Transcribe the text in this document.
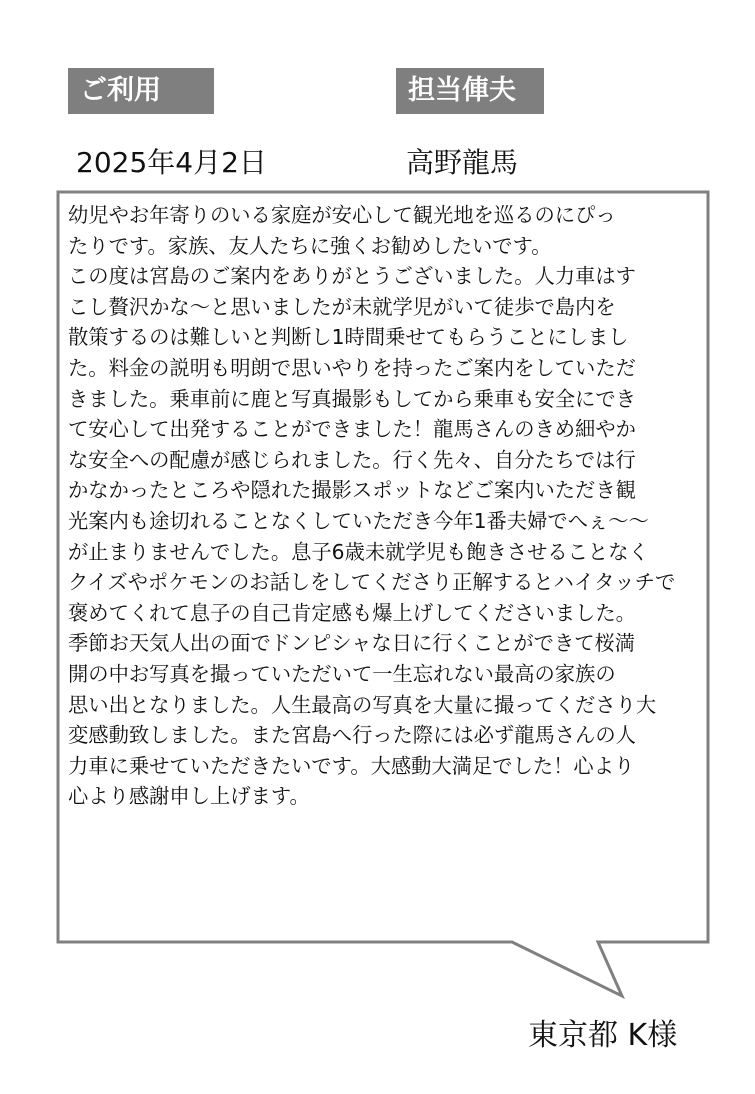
ご利用	担当俥夫
2025年4月2日	高野龍馬
幼児やお年寄りのいる家庭が安心して観光地を巡るのにぴっ
たりです。家族、友人たちに強くお勧めしたいです。
この度は宮島のご案内をありがとうございました。人力車はす
こし贅沢かな～と思いましたが未就学児がいて徒歩で島内を
散策するのは難しいと判断し1時間乗せてもらうことにしまし
た。料金の説明も明朗で思いやりを持ったご案内をしていただ
きました。乗車前に鹿と写真撮影もしてから乗車も安全にでき
て安心して出発することができました！龍馬さんのきめ細やか
な安全への配慮が感じられました。行く先々、自分たちでは行
かなかったところや隠れた撮影スポットなどご案内いただき観
光案内も途切れることなくしていただき今年1番夫婦でへぇ～～
が止まりませんでした。息子6歳未就学児も飽きさせることなく
クイズやポケモンのお話しをしてくださり正解するとハイタッチで
褒めてくれて息子の自己肯定感も爆上げしてくださいました。
季節お天気人出の面でドンピシャな日に行くことができて桜満
開の中お写真を撮っていただいて一生忘れない最高の家族の
思い出となりました。人生最高の写真を大量に撮ってくださり大
変感動致しました。また宮島へ行った際には必ず龍馬さんの人
力車に乗せていただきたいです。大感動大満足でした！心より
心より感謝申し上げます。
東京都 K様
